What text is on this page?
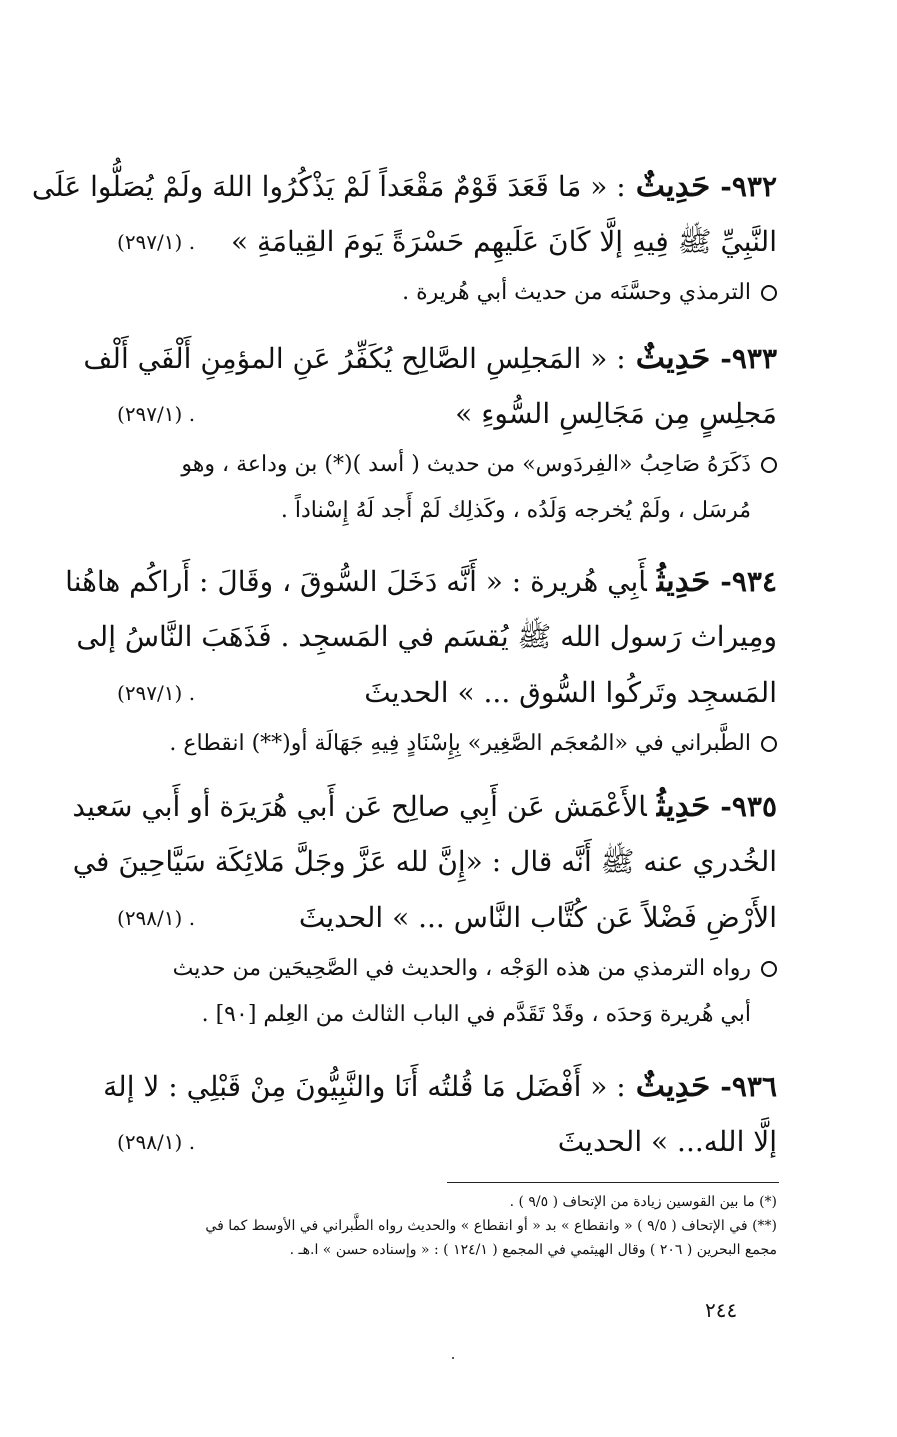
٩٣٢-حَدِيثٌ: « مَا قَعَدَ قَوْمٌ مَقْعَداً لَمْ يَذْكُرُوا اللهَ ولَمْ يُصَلُّوا عَلَى
النَّبِيِّ ﷺ فِيهِ إلَّا كَانَ عَلَيهِم حَسْرَةً يَومَ القِيامَةِ »
(٢٩٧/١) .
الترمذي وحسَّنَه من حديث أبي هُريرة .
٩٣٣-حَدِيثٌ: « المَجلِسِ الصَّالِح يُكَفِّرُ عَنِ المؤمِنِ أَلْفَي أَلْف
مَجلِسٍ مِن مَجَالِسِ السُّوءِ »
(٢٩٧/١) .
ذَكَرَهُ صَاحِبُ «الفِردَوس» من حديث ( أسد )(*) بن وداعة ، وهو
مُرسَل ، ولَمْ يُخرجه وَلَدُه ، وكَذلِك لَمْ أَجد لَهُ إِسْناداً .
٩٣٤-حَدِيثُأَبِي هُريرة : « أَنَّه دَخَلَ السُّوقَ ، وقَالَ : أَراكُم هاهُنا
ومِيراث رَسول الله ﷺ يُقسَم في المَسجِد . فَذَهَبَ النَّاسُ إلى
المَسجِد وتَركُوا السُّوق ... » الحديثَ
(٢٩٧/١) .
الطَّبراني في «المُعجَم الصَّغِير» بِإِسْنَادٍ فِيهِ جَهَالَة أو(**) انقطاع .
٩٣٥-حَدِيثُالأَعْمَش عَن أَبِي صالِح عَن أَبي هُرَيرَة أو أَبي سَعيد
الخُدري عنه ﷺ أَنَّه قال : «إِنَّ لله عَزَّ وجَلَّ مَلائِكَة سَيَّاحِينَ في
الأَرْضِ فَضْلاً عَن كُتَّاب النَّاس ... » الحديثَ
(٢٩٨/١) .
رواه الترمذي من هذه الوَجْه ، والحديث في الصَّحِيحَين من حديث
أبي هُريرة وَحدَه ، وقَدْ تَقَدَّم في الباب الثالث من العِلم [٩٠] .
٩٣٦-حَدِيثٌ: « أَفْضَل مَا قُلتُه أَنَا والنَّبِيُّونَ مِنْ قَبْلِي : لا إلهَ
إلَّا الله... » الحديثَ
(٢٩٨/١) .
(*) ما بين القوسين زيادة من الإتحاف ( ٩/٥ ) .
(**) في الإتحاف ( ٩/٥ ) « وانقطاع » بد « أو انقطاع » والحديث رواه الطَّبراني في الأوسط كما في
مجمع البحرين ( ٢٠٦ ) وقال الهيثمي في المجمع ( ١٢٤/١ ) : « وإسناده حسن » ا.هـ .
٢٤٤
